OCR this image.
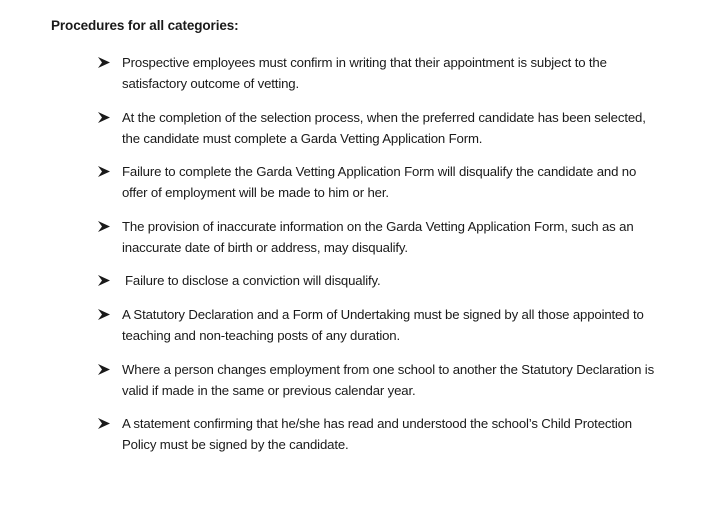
Procedures for all categories:
Prospective employees must confirm in writing that their appointment is subject to the satisfactory outcome of vetting.
At the completion of the selection process, when the preferred candidate has been selected, the candidate must complete a Garda Vetting Application Form.
Failure to complete the Garda Vetting Application Form will disqualify the candidate and no offer of employment will be made to him or her.
The provision of inaccurate information on the Garda Vetting Application Form, such as an inaccurate date of birth or address, may disqualify.
Failure to disclose a conviction will disqualify.
A Statutory Declaration and a Form of Undertaking must be signed by all those appointed to teaching and non-teaching posts of any duration.
Where a person changes employment from one school to another the Statutory Declaration is valid if made in the same or previous calendar year.
A statement confirming that he/she has read and understood the school’s Child Protection Policy must be signed by the candidate.
